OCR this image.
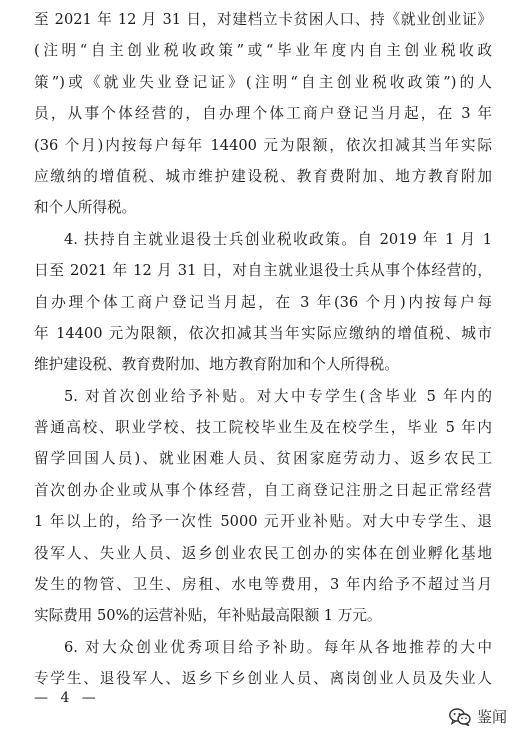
至 2021 年 12 月 31 日，对建档立卡贫困人口、持《就业创业证》
(注明“自主创业税收政策”或“毕业年度内自主创业税收政
策”)或《就业失业登记证》(注明“自主创业税收政策”)的人
员，从事个体经营的，自办理个体工商户登记当月起，在 3 年
(36 个月)内按每户每年 14400 元为限额，依次扣减其当年实际
应缴纳的增值税、城市维护建设税、教育费附加、地方教育附加
和个人所得税。
4. 扶持自主就业退役士兵创业税收政策。自 2019 年 1 月 1
日至 2021 年 12 月 31 日，对自主就业退役士兵从事个体经营的，
自办理个体工商户登记当月起，在 3 年(36 个月)内按每户每
年 14400 元为限额，依次扣减其当年实际应缴纳的增值税、城市
维护建设税、教育费附加、地方教育附加和个人所得税。
5. 对首次创业给予补贴。对大中专学生(含毕业 5 年内的
普通高校、职业学校、技工院校毕业生及在校学生，毕业 5 年内
留学回国人员)、就业困难人员、贫困家庭劳动力、返乡农民工
首次创办企业或从事个体经营，自工商登记注册之日起正常经营
1 年以上的，给予一次性 5000 元开业补贴。对大中专学生、退
役军人、失业人员、返乡创业农民工创办的实体在创业孵化基地
发生的物管、卫生、房租、水电等费用，3 年内给予不超过当月
实际费用 50%的运营补贴，年补贴最高限额 1 万元。
6. 对大众创业优秀项目给予补助。每年从各地推荐的大中
专学生、退役军人、返乡下乡创业人员、离岗创业人员及失业人
— 4 —
鉴闻
